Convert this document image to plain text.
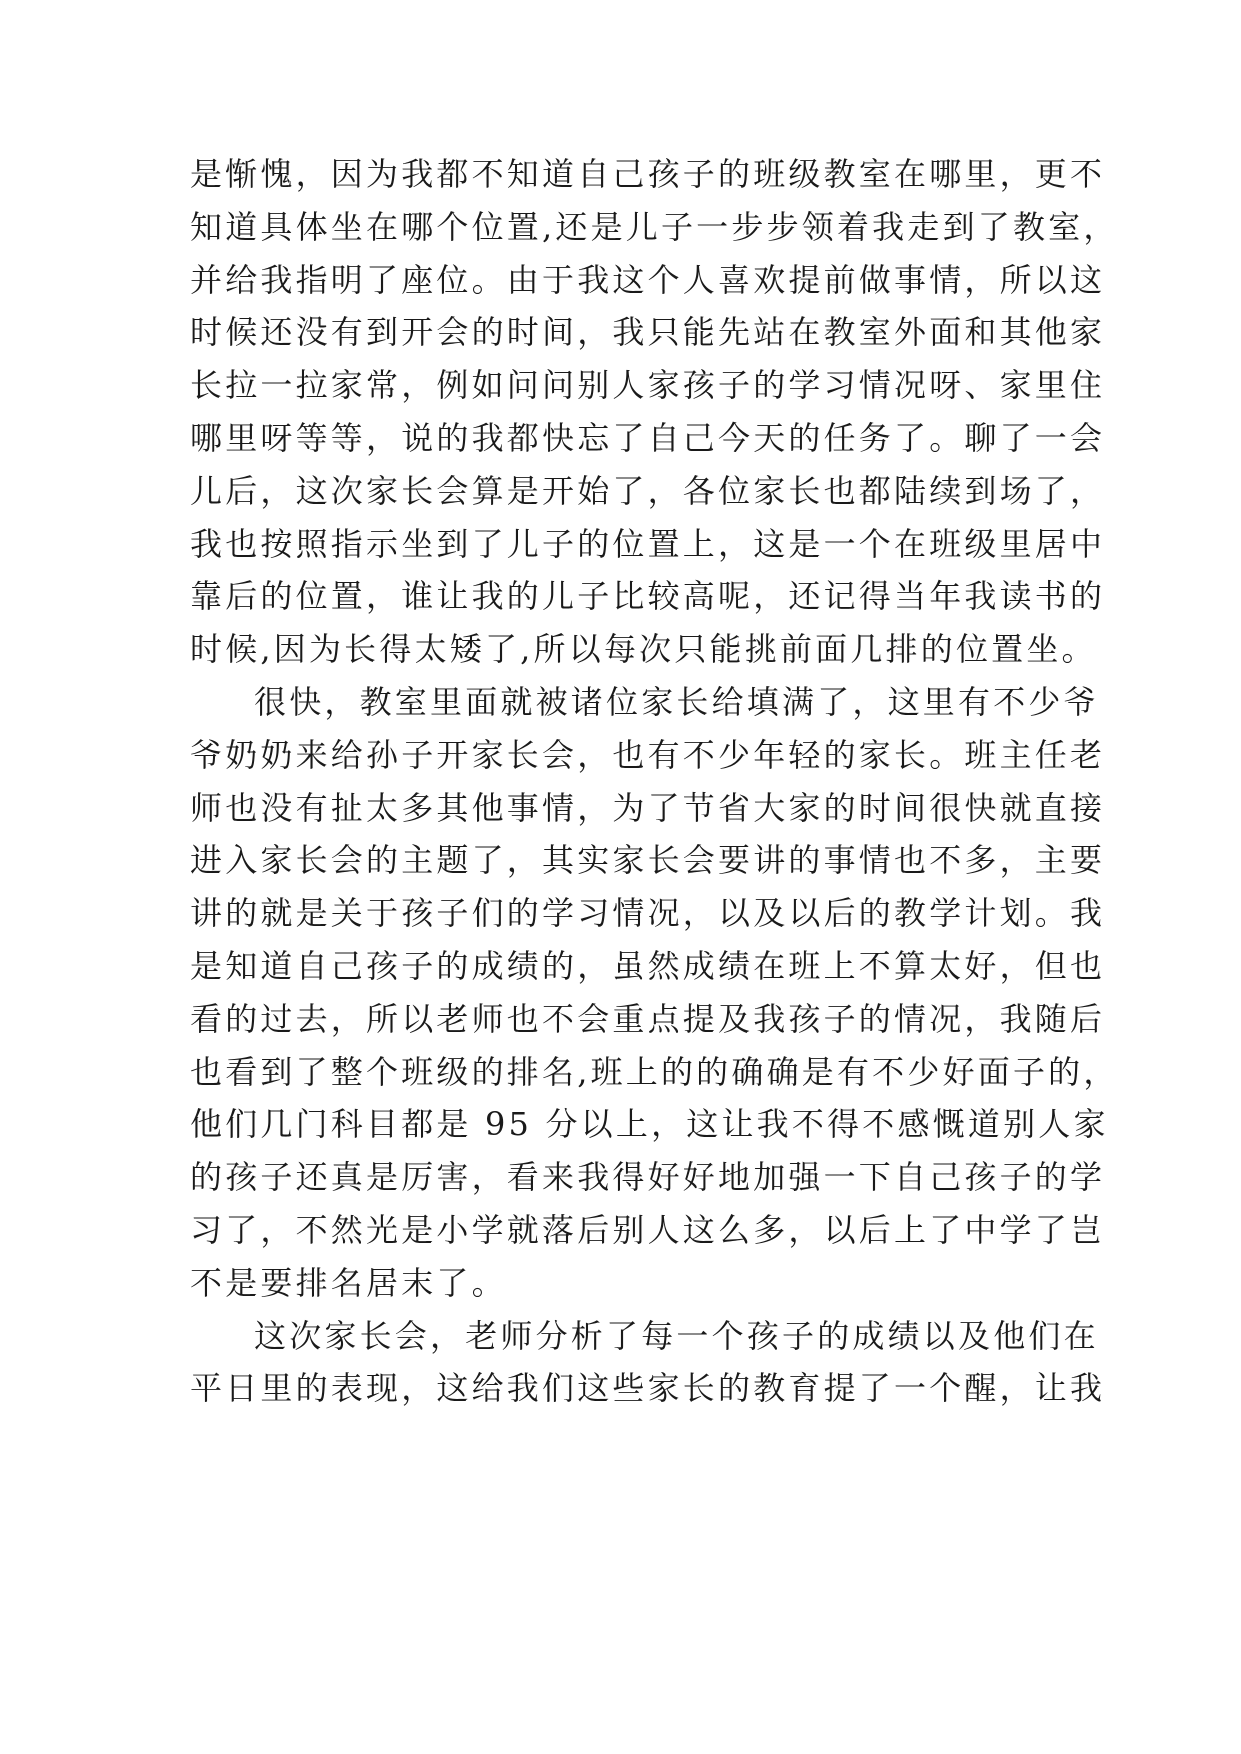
是惭愧，因为我都不知道自己孩子的班级教室在哪里，更不
知道具体坐在哪个位置,还是儿子一步步领着我走到了教室，
并给我指明了座位。由于我这个人喜欢提前做事情，所以这
时候还没有到开会的时间，我只能先站在教室外面和其他家
长拉一拉家常，例如问问别人家孩子的学习情况呀、家里住
哪里呀等等，说的我都快忘了自己今天的任务了。聊了一会
儿后，这次家长会算是开始了，各位家长也都陆续到场了，
我也按照指示坐到了儿子的位置上，这是一个在班级里居中
靠后的位置，谁让我的儿子比较高呢，还记得当年我读书的
时候,因为长得太矮了,所以每次只能挑前面几排的位置坐。
很快，教室里面就被诸位家长给填满了，这里有不少爷
爷奶奶来给孙子开家长会，也有不少年轻的家长。班主任老
师也没有扯太多其他事情，为了节省大家的时间很快就直接
进入家长会的主题了，其实家长会要讲的事情也不多，主要
讲的就是关于孩子们的学习情况，以及以后的教学计划。我
是知道自己孩子的成绩的，虽然成绩在班上不算太好，但也
看的过去，所以老师也不会重点提及我孩子的情况，我随后
也看到了整个班级的排名,班上的的确确是有不少好面子的，
他们几门科目都是 95 分以上，这让我不得不感慨道别人家
的孩子还真是厉害，看来我得好好地加强一下自己孩子的学
习了，不然光是小学就落后别人这么多，以后上了中学了岂
不是要排名居末了。
这次家长会，老师分析了每一个孩子的成绩以及他们在
平日里的表现，这给我们这些家长的教育提了一个醒，让我
